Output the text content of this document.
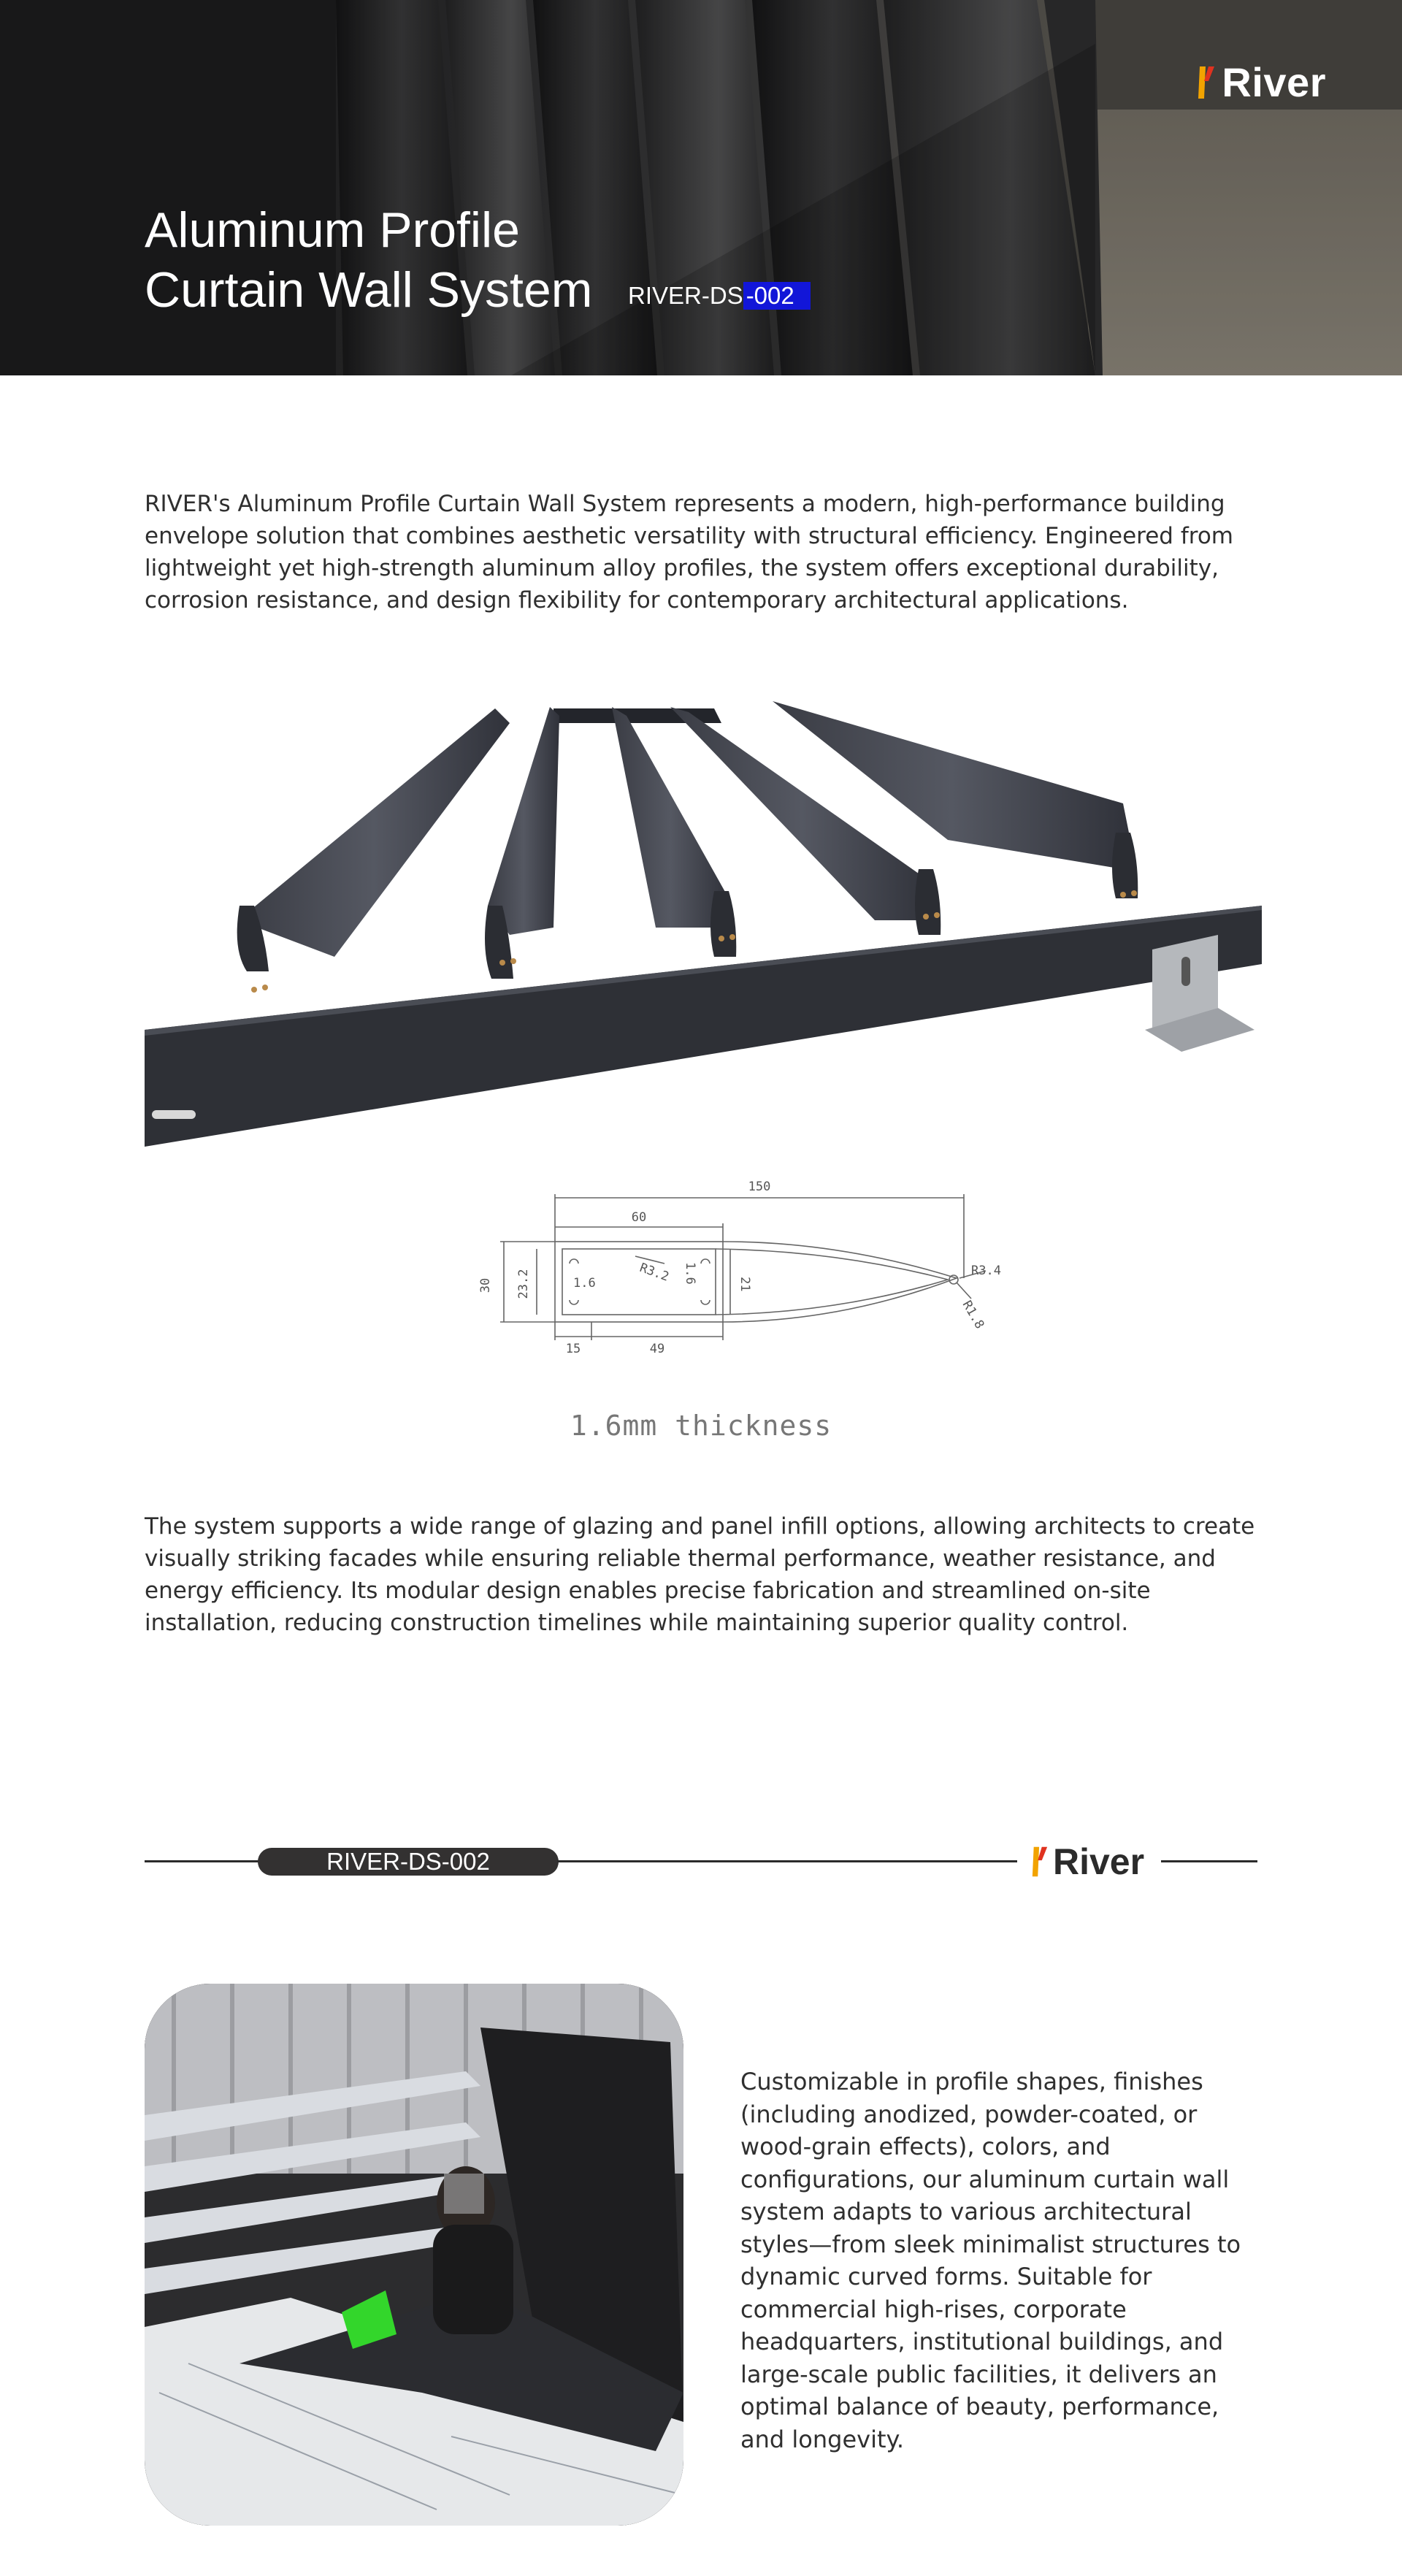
River
Aluminum Profile
Curtain Wall System RIVER-DS -002

RIVER's Aluminum Profile Curtain Wall System represents a modern, high-performance building envelope solution that combines aesthetic versatility with structural efficiency. Engineered from lightweight yet high-strength aluminum alloy profiles, the system offers exceptional durability, corrosion resistance, and design flexibility for contemporary architectural applications.

150
60
30 23.2	1.6	1.6
R3.2	21
R3.4
R1.8
15	49

1.6mm thickness

The system supports a wide range of glazing and panel infill options, allowing architects to create visually striking facades while ensuring reliable thermal performance, weather resistance, and energy efficiency. Its modular design enables precise fabrication and streamlined on-site installation, reducing construction timelines while maintaining superior quality control.

RIVER-DS-002	River

Customizable in profile shapes, finishes (including anodized, powder-coated, or wood-grain effects), colors, and configurations, our aluminum curtain wall system adapts to various architectural styles—from sleek minimalist structures to dynamic curved forms. Suitable for commercial high-rises, corporate headquarters, institutional buildings, and large-scale public facilities, it delivers an optimal balance of beauty, performance, and longevity.
